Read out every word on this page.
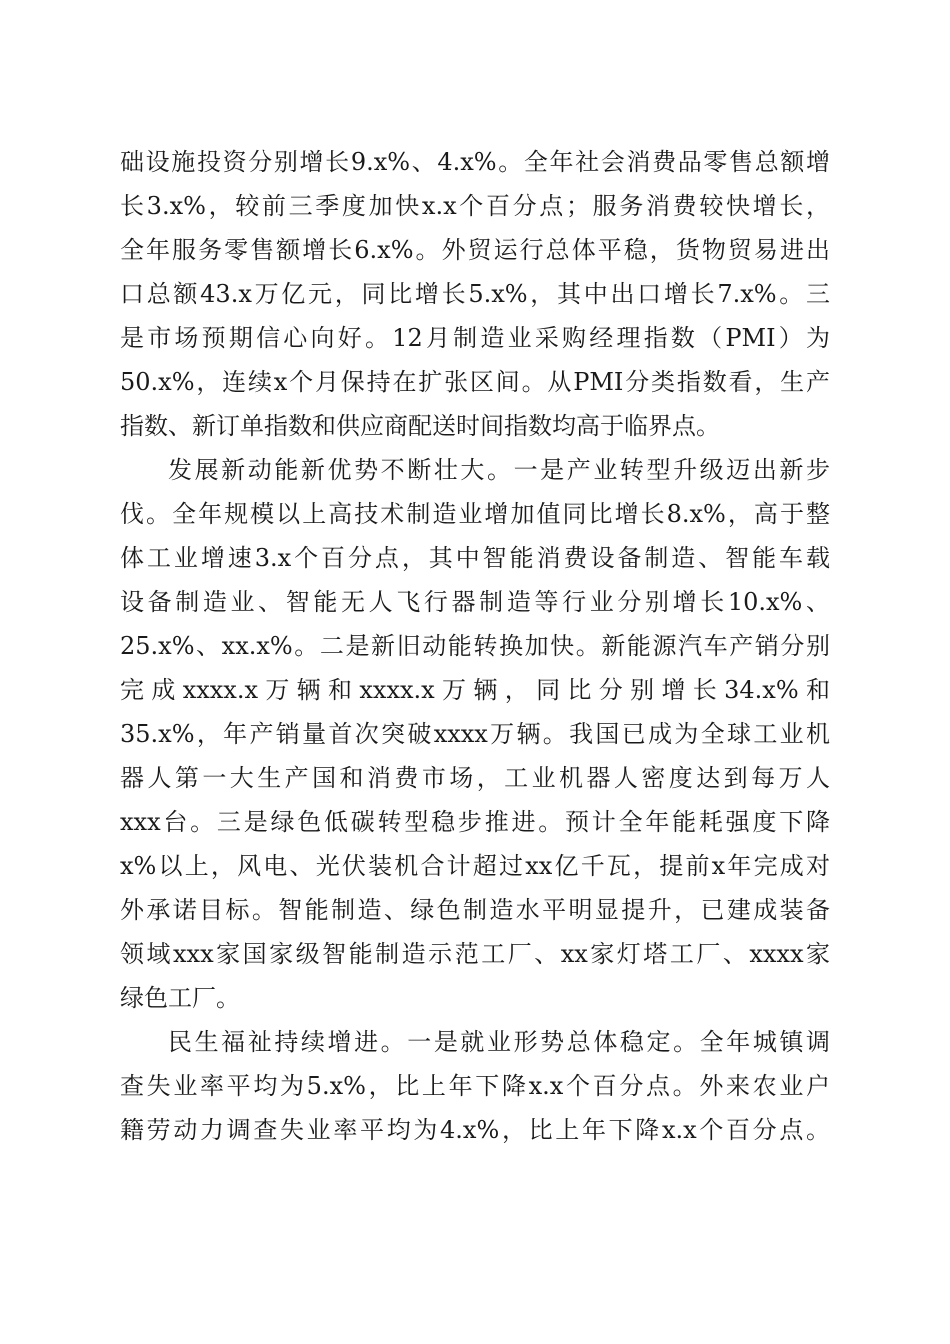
础设施投资分别增长9.x%、4.x%。全年社会消费品零售总额增
长3.x%，较前三季度加快x.x个百分点；服务消费较快增长，
全年服务零售额增长6.x%。外贸运行总体平稳，货物贸易进出
口总额43.x万亿元，同比增长5.x%，其中出口增长7.x%。三
是市场预期信心向好。12月制造业采购经理指数（PMI）为
50.x%，连续x个月保持在扩张区间。从PMI分类指数看，生产
指数、新订单指数和供应商配送时间指数均高于临界点。
发展新动能新优势不断壮大。一是产业转型升级迈出新步
伐。全年规模以上高技术制造业增加值同比增长8.x%，高于整
体工业增速3.x个百分点，其中智能消费设备制造、智能车载
设备制造业、智能无人飞行器制造等行业分别增长10.x%、
25.x%、xx.x%。二是新旧动能转换加快。新能源汽车产销分别
完成xxxx.x万辆和xxxx.x万辆，同比分别增长34.x%和
35.x%，年产销量首次突破xxxx万辆。我国已成为全球工业机
器人第一大生产国和消费市场，工业机器人密度达到每万人
xxx台。三是绿色低碳转型稳步推进。预计全年能耗强度下降
x%以上，风电、光伏装机合计超过xx亿千瓦，提前x年完成对
外承诺目标。智能制造、绿色制造水平明显提升，已建成装备
领域xxx家国家级智能制造示范工厂、xx家灯塔工厂、xxxx家
绿色工厂。
民生福祉持续增进。一是就业形势总体稳定。全年城镇调
查失业率平均为5.x%，比上年下降x.x个百分点。外来农业户
籍劳动力调查失业率平均为4.x%，比上年下降x.x个百分点。
